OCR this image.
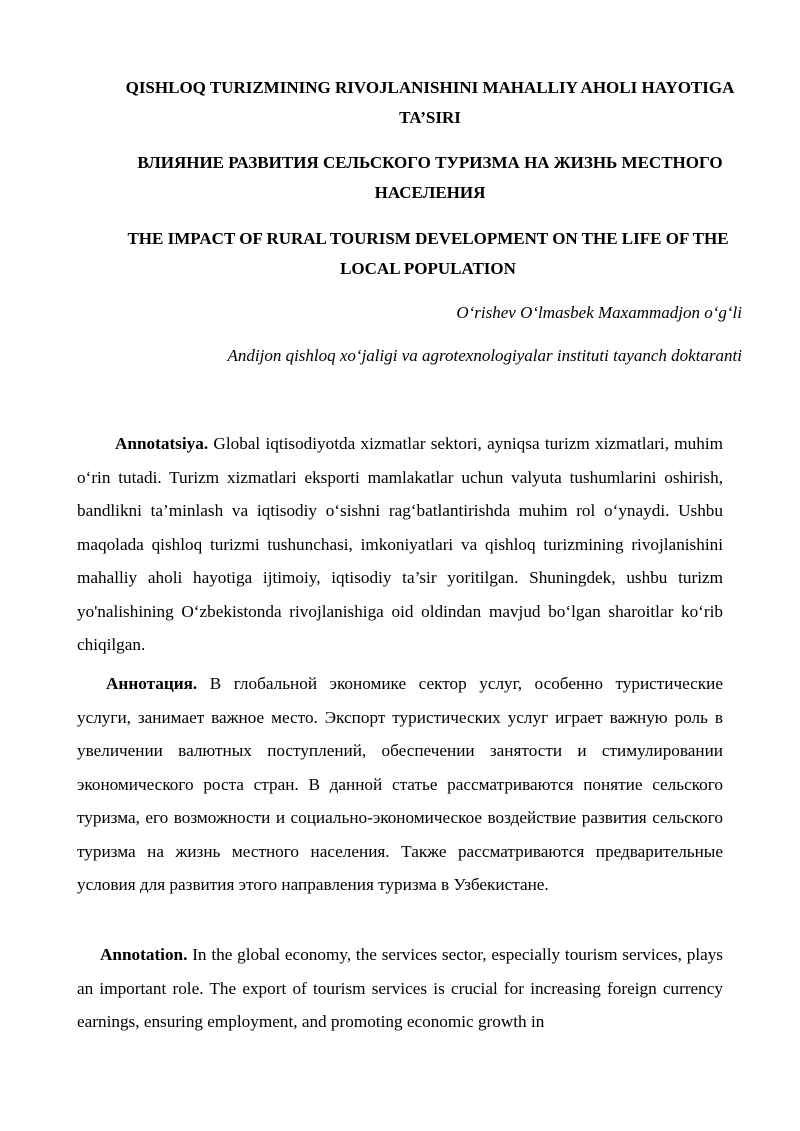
QISHLOQ TURIZMINING RIVOJLANISHINI MAHALLIY AHOLI HAYOTIGA TA’SIRI
ВЛИЯНИЕ РАЗВИТИЯ СЕЛЬСКОГО ТУРИЗМА НА ЖИЗНЬ МЕСТНОГО НАСЕЛЕНИЯ
THE IMPACT OF RURAL TOURISM DEVELOPMENT ON THE LIFE OF THE LOCAL POPULATION

O‘rishev O‘lmasbek Maxammadjon o‘g‘li

Andijon qishloq xo‘jaligi va agrotexnologiyalar instituti tayanch doktaranti

Annotatsiya. Global iqtisodiyotda xizmatlar sektori, ayniqsa turizm xizmatlari, muhim o‘rin tutadi. Turizm xizmatlari eksporti mamlakatlar uchun valyuta tushumlarini oshirish, bandlikni ta’minlash va iqtisodiy o‘sishni rag‘batlantirishda muhim rol o‘ynaydi. Ushbu maqolada qishloq turizmi tushunchasi, imkoniyatlari va qishloq turizmining rivojlanishini mahalliy aholi hayotiga ijtimoiy, iqtisodiy ta’sir yoritilgan. Shuningdek, ushbu turizm yo'nalishining O‘zbekistonda rivojlanishiga oid oldindan mavjud bo‘lgan sharoitlar ko‘rib chiqilgan.

Аннотация. В глобальной экономике сектор услуг, особенно туристические услуги, занимает важное место. Экспорт туристических услуг играет важную роль в увеличении валютных поступлений, обеспечении занятости и стимулировании экономического роста стран. В данной статье рассматриваются понятие сельского туризма, его возможности и социально-экономическое воздействие развития сельского туризма на жизнь местного населения. Также рассматриваются предварительные условия для развития этого направления туризма в Узбекистане.

Annotation. In the global economy, the services sector, especially tourism services, plays an important role. The export of tourism services is crucial for increasing foreign currency earnings, ensuring employment, and promoting economic growth in
